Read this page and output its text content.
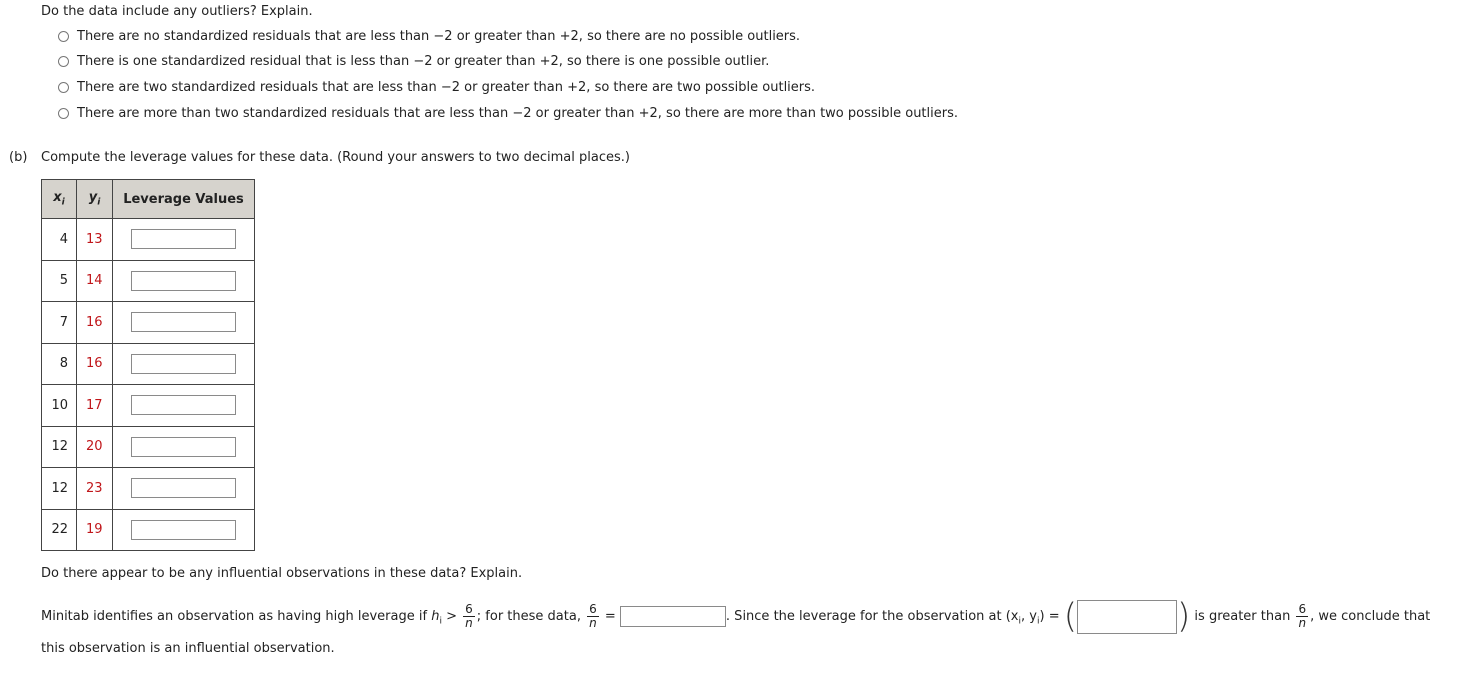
Do the data include any outliers? Explain.
There are no standardized residuals that are less than −2 or greater than +2, so there are no possible outliers.
There is one standardized residual that is less than −2 or greater than +2, so there is one possible outlier.
There are two standardized residuals that are less than −2 or greater than +2, so there are two possible outliers.
There are more than two standardized residuals that are less than −2 or greater than +2, so there are more than two possible outliers.
(b) Compute the leverage values for these data. (Round your answers to two decimal places.)
$x_i$	$y_i$	Leverage Values
4	13	
5	14	
7	16	
8	16	
10	17	
12	20	
12	23	
22	19	
Do there appear to be any influential observations in these data? Explain.
Minitab identifies an observation as having high leverage if $h_i > \frac{6}{n}$ ; for these data, $\frac{6}{n}$ =	. Since the leverage for the observation at ($x_i$, $y_i$) = (	) is greater than $\frac{6}{n}$ , we conclude that
this observation is an influential observation.
